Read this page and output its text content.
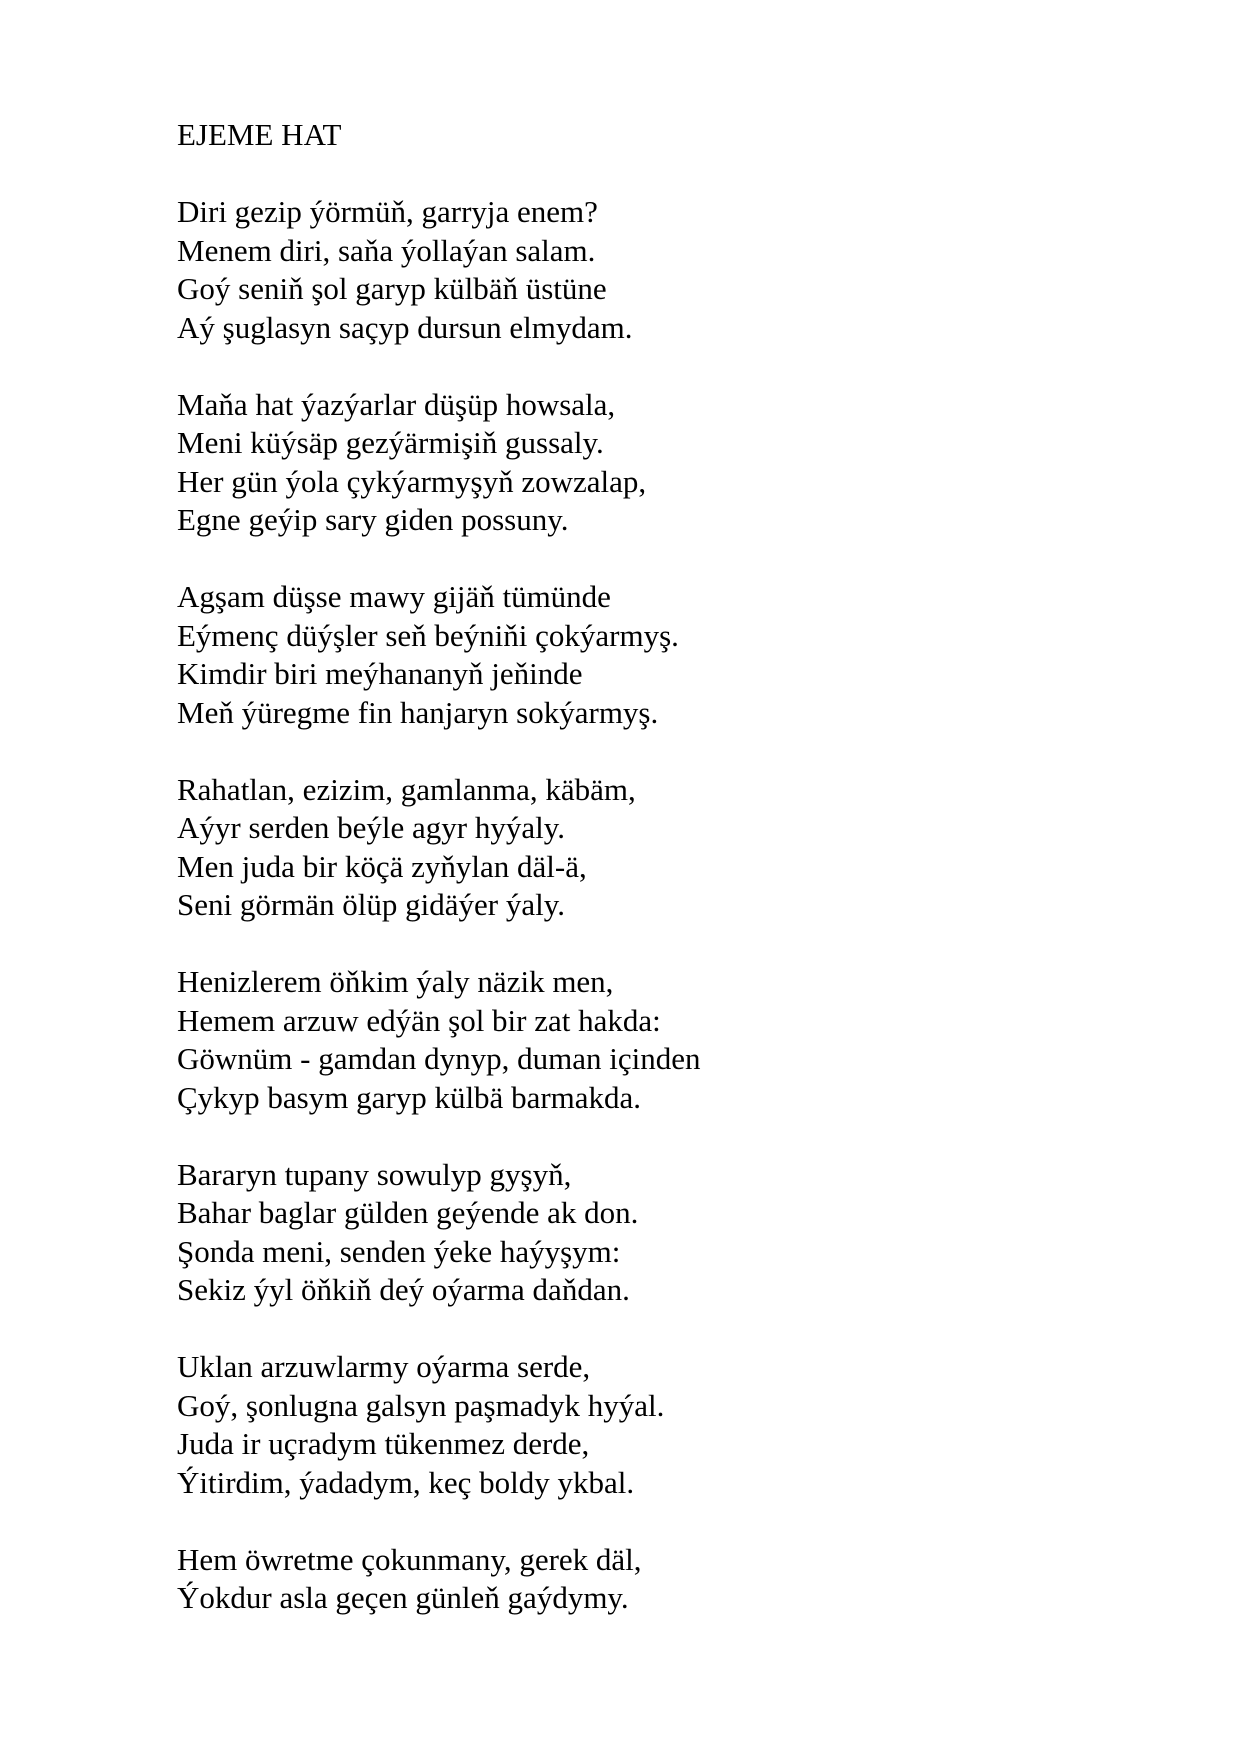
EJEME HAT
Diri gezip ýörmüň, garryja enem?
Menem diri, saňa ýollaýan salam.
Goý seniň şol garyp külbäň üstüne
Aý şuglasyn saçyp dursun elmydam.
Maňa hat ýazýarlar düşüp howsala,
Meni küýsäp gezýärmişiň gussaly.
Her gün ýola çykýarmyşyň zowzalap,
Egne geýip sary giden possuny.
Agşam düşse mawy gijäň tümünde
Eýmenç düýşler seň beýniňi çokýarmyş.
Kimdir biri meýhananyň jeňinde
Meň ýüregme fin hanjaryn sokýarmyş.
Rahatlan, ezizim, gamlanma, käbäm,
Aýyr serden beýle agyr hyýaly.
Men juda bir köçä zyňylan däl-ä,
Seni görmän ölüp gidäýer ýaly.
Henizlerem öňkim ýaly näzik men,
Hemem arzuw edýän şol bir zat hakda:
Göwnüm - gamdan dynyp, duman içinden
Çykyp basym garyp külbä barmakda.
Bararyn tupany sowulyp gyşyň,
Bahar baglar gülden geýende ak don.
Şonda meni, senden ýeke haýyşym:
Sekiz ýyl öňkiň deý oýarma daňdan.
Uklan arzuwlarmy oýarma serde,
Goý, şonlugna galsyn paşmadyk hyýal.
Juda ir uçradym tükenmez derde,
Ýitirdim, ýadadym, keç boldy ykbal.
Hem öwretme çokunmany, gerek däl,
Ýokdur asla geçen günleň gaýdymy.
